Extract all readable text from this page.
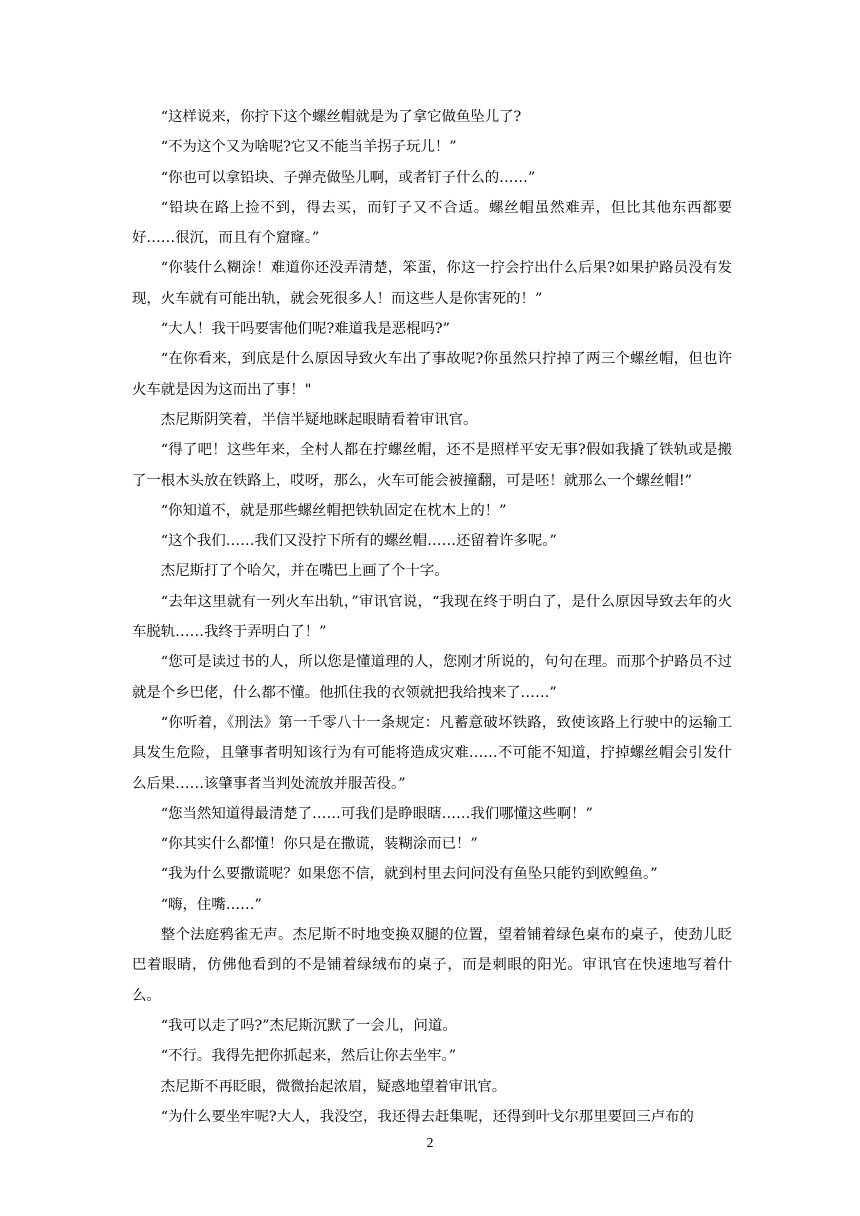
“这样说来，你拧下这个螺丝帽就是为了拿它做鱼坠儿了?

“不为这个又为啥呢?它又不能当羊拐子玩儿！”

“你也可以拿铅块、子弹壳做坠儿啊，或者钉子什么的……”

“铅块在路上捡不到，得去买，而钉子又不合适。螺丝帽虽然难弄，但比其他东西都要好……很沉，而且有个窟窿。”

“你装什么糊涂！难道你还没弄清楚，笨蛋，你这一拧会拧出什么后果?如果护路员没有发现，火车就有可能出轨，就会死很多人！而这些人是你害死的！”

“大人！我干吗要害他们呢?难道我是恶棍吗?”

“在你看来，到底是什么原因导致火车出了事故呢?你虽然只拧掉了两三个螺丝帽，但也许火车就是因为这而出了事！"

杰尼斯阴笑着，半信半疑地眯起眼睛看着审讯官。

“得了吧！这些年来，全村人都在拧螺丝帽，还不是照样平安无事?假如我撬了铁轨或是搬了一根木头放在铁路上，哎呀，那么，火车可能会被撞翻，可是呸！就那么一个螺丝帽!”

“你知道不，就是那些螺丝帽把铁轨固定在枕木上的！”

“这个我们……我们又没拧下所有的螺丝帽……还留着许多呢。”

杰尼斯打了个哈欠，并在嘴巴上画了个十字。

“去年这里就有一列火车出轨，”审讯官说，“我现在终于明白了，是什么原因导致去年的火车脱轨……我终于弄明白了！”

“您可是读过书的人，所以您是懂道理的人，您刚才所说的，句句在理。而那个护路员不过就是个乡巴佬，什么都不懂。他抓住我的衣领就把我给拽来了……”

“你听着，《刑法》第一千零八十一条规定：凡蓄意破坏铁路，致使该路上行驶中的运输工具发生危险，且肇事者明知该行为有可能将造成灾难……不可能不知道，拧掉螺丝帽会引发什么后果……该肇事者当判处流放并服苦役。”

“您当然知道得最清楚了……可我们是睁眼瞎……我们哪懂这些啊！”

“你其实什么都懂！你只是在撒谎，装糊涂而已！”

“我为什么要撒谎呢？如果您不信，就到村里去问问没有鱼坠只能钓到欧鳇鱼。”

“嗨，住嘴……”

整个法庭鸦雀无声。杰尼斯不时地变换双腿的位置，望着铺着绿色桌布的桌子，使劲儿眨巴着眼睛，仿佛他看到的不是铺着绿绒布的桌子，而是刺眼的阳光。审讯官在快速地写着什么。

“我可以走了吗?”杰尼斯沉默了一会儿，问道。

“不行。我得先把你抓起来，然后让你去坐牢。”

杰尼斯不再眨眼，微微抬起浓眉，疑惑地望着审讯官。

“为什么要坐牢呢?大人，我没空，我还得去赶集呢，还得到叶戈尔那里要回三卢布的

2
